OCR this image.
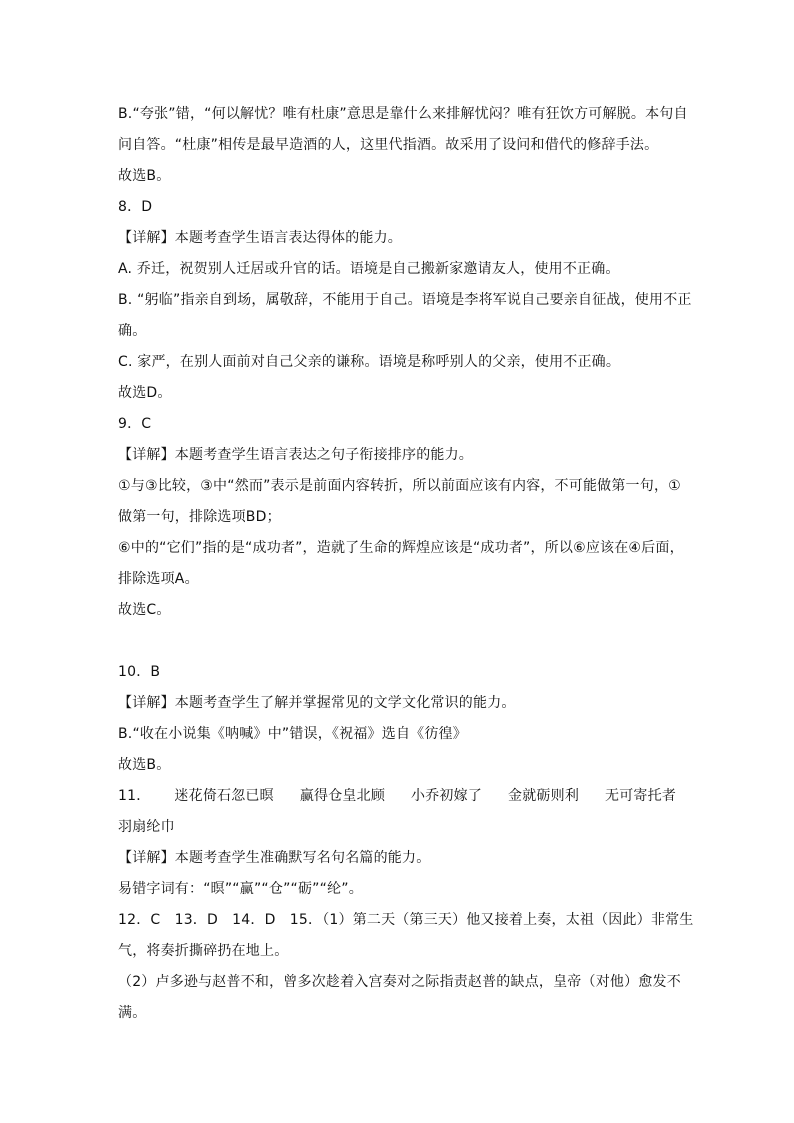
B.“夸张”错，“何以解忧？唯有杜康”意思是靠什么来排解忧闷？唯有狂饮方可解脱。本句自
问自答。“杜康”相传是最早造酒的人，这里代指酒。故采用了设问和借代的修辞手法。
故选B。
8．D
【详解】本题考查学生语言表达得体的能力。
A. 乔迁，祝贺别人迁居或升官的话。语境是自己搬新家邀请友人，使用不正确。
B. “躬临”指亲自到场，属敬辞，不能用于自己。语境是李将军说自己要亲自征战，使用不正
确。
C. 家严，在别人面前对自己父亲的谦称。语境是称呼别人的父亲，使用不正确。
故选D。
9．C
【详解】本题考查学生语言表达之句子衔接排序的能力。
①与③比较，③中“然而”表示是前面内容转折，所以前面应该有内容，不可能做第一句，①
做第一句，排除选项BD；
⑥中的“它们”指的是“成功者”，造就了生命的辉煌应该是“成功者”，所以⑥应该在④后面，
排除选项A。
故选C。
10．B
【详解】本题考查学生了解并掌握常见的文学文化常识的能力。
B.“收在小说集《呐喊》中”错误，《祝福》选自《彷徨》
故选B。
11． 迷花倚石忽已暝 赢得仓皇北顾 小乔初嫁了 金就砺则利 无可寄托者
羽扇纶巾
【详解】本题考查学生准确默写名句名篇的能力。
易错字词有：“暝”“赢”“仓”“砺”“纶”。
12．C　13．D　14．D　15．（1）第二天（第三天）他又接着上奏，太祖（因此）非常生
气，将奏折撕碎扔在地上。
（2）卢多逊与赵普不和，曾多次趁着入宫奏对之际指责赵普的缺点，皇帝（对他）愈发不
满。
